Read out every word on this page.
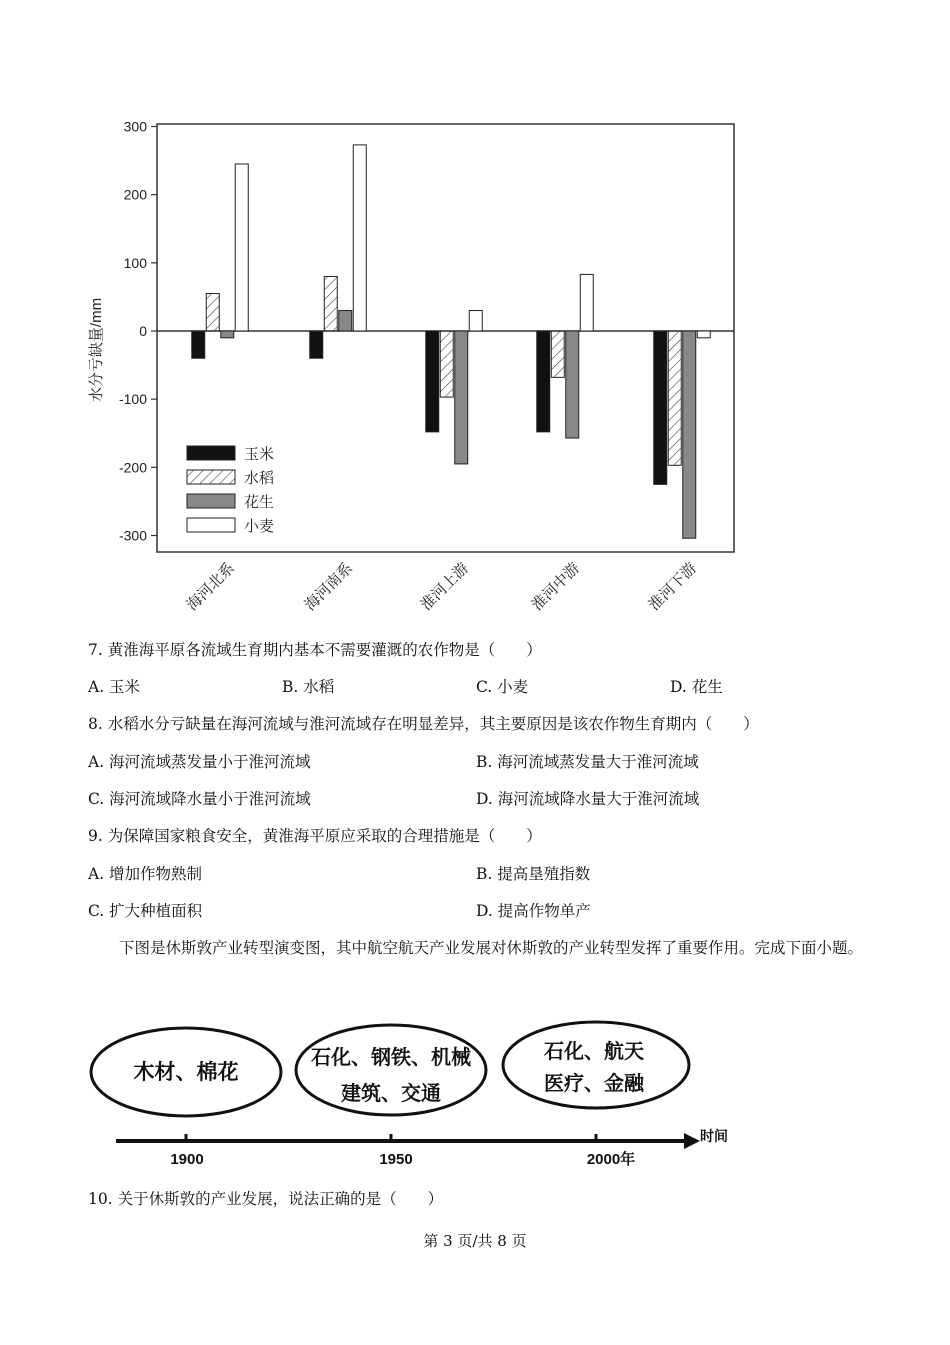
300
200
100
0
-100
-200
-300
海河北系	海河南系	淮河上游	淮河中游	淮河下游
玉米
水稻
花生
小麦
水分亏缺量/mm
7. 黄淮海平原各流域生育期内基本不需要灌溉的农作物是（　　）
A. 玉米	B. 水稻	C. 小麦	D. 花生
8. 水稻水分亏缺量在海河流域与淮河流域存在明显差异，其主要原因是该农作物生育期内（　　）
A. 海河流域蒸发量小于淮河流域	B. 海河流域蒸发量大于淮河流域
C. 海河流域降水量小于淮河流域	D. 海河流域降水量大于淮河流域
9. 为保障国家粮食安全，黄淮海平原应采取的合理措施是（　　）
A. 增加作物熟制	B. 提高垦殖指数
C. 扩大种植面积	D. 提高作物单产
下图是休斯敦产业转型演变图，其中航空航天产业发展对休斯敦的产业转型发挥了重要作用。完成下面小题。
木材、棉花
石化、钢铁、机械
建筑、交通
石化、航天
医疗、金融
时间
1900	1950	2000年
10. 关于休斯敦的产业发展，说法正确的是（　　）
第 3 页/共 8 页
